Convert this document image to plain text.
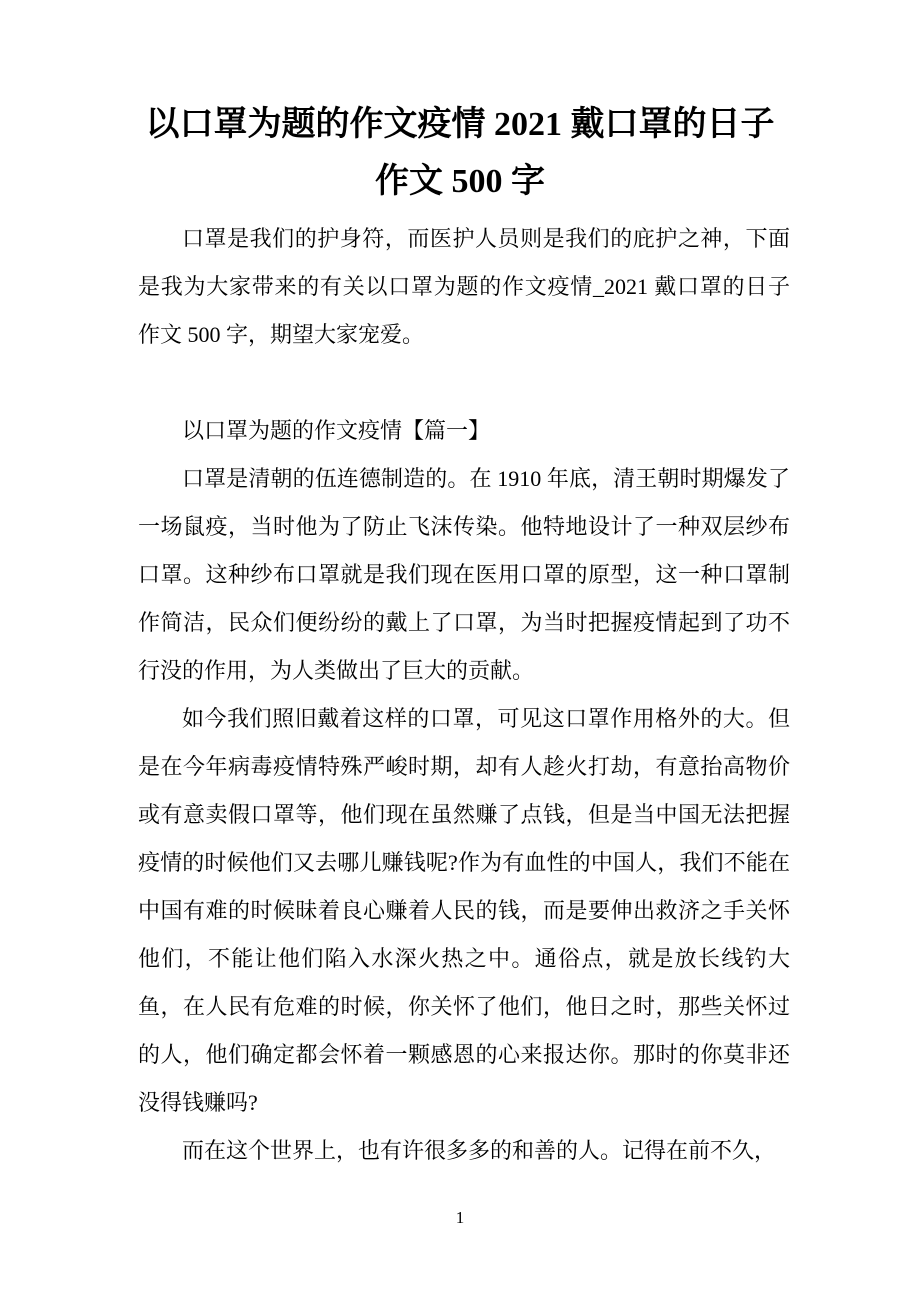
以口罩为题的作文疫情 2021 戴口罩的日子
作文 500 字

口罩是我们的护身符，而医护人员则是我们的庇护之神，下面是我为大家带来的有关以口罩为题的作文疫情_2021 戴口罩的日子作文 500 字，期望大家宠爱。

以口罩为题的作文疫情【篇一】

口罩是清朝的伍连德制造的。在 1910 年底，清王朝时期爆发了一场鼠疫，当时他为了防止飞沫传染。他特地设计了一种双层纱布口罩。这种纱布口罩就是我们现在医用口罩的原型，这一种口罩制作简洁，民众们便纷纷的戴上了口罩，为当时把握疫情起到了功不行没的作用，为人类做出了巨大的贡献。

如今我们照旧戴着这样的口罩，可见这口罩作用格外的大。但是在今年病毒疫情特殊严峻时期，却有人趁火打劫，有意抬高物价或有意卖假口罩等，他们现在虽然赚了点钱，但是当中国无法把握疫情的时候他们又去哪儿赚钱呢?作为有血性的中国人，我们不能在中国有难的时候昧着良心赚着人民的钱，而是要伸出救济之手关怀他们，不能让他们陷入水深火热之中。通俗点，就是放长线钓大鱼，在人民有危难的时候，你关怀了他们，他日之时，那些关怀过的人，他们确定都会怀着一颗感恩的心来报达你。那时的你莫非还没得钱赚吗?

而在这个世界上，也有许很多多的和善的人。记得在前不久，

1
